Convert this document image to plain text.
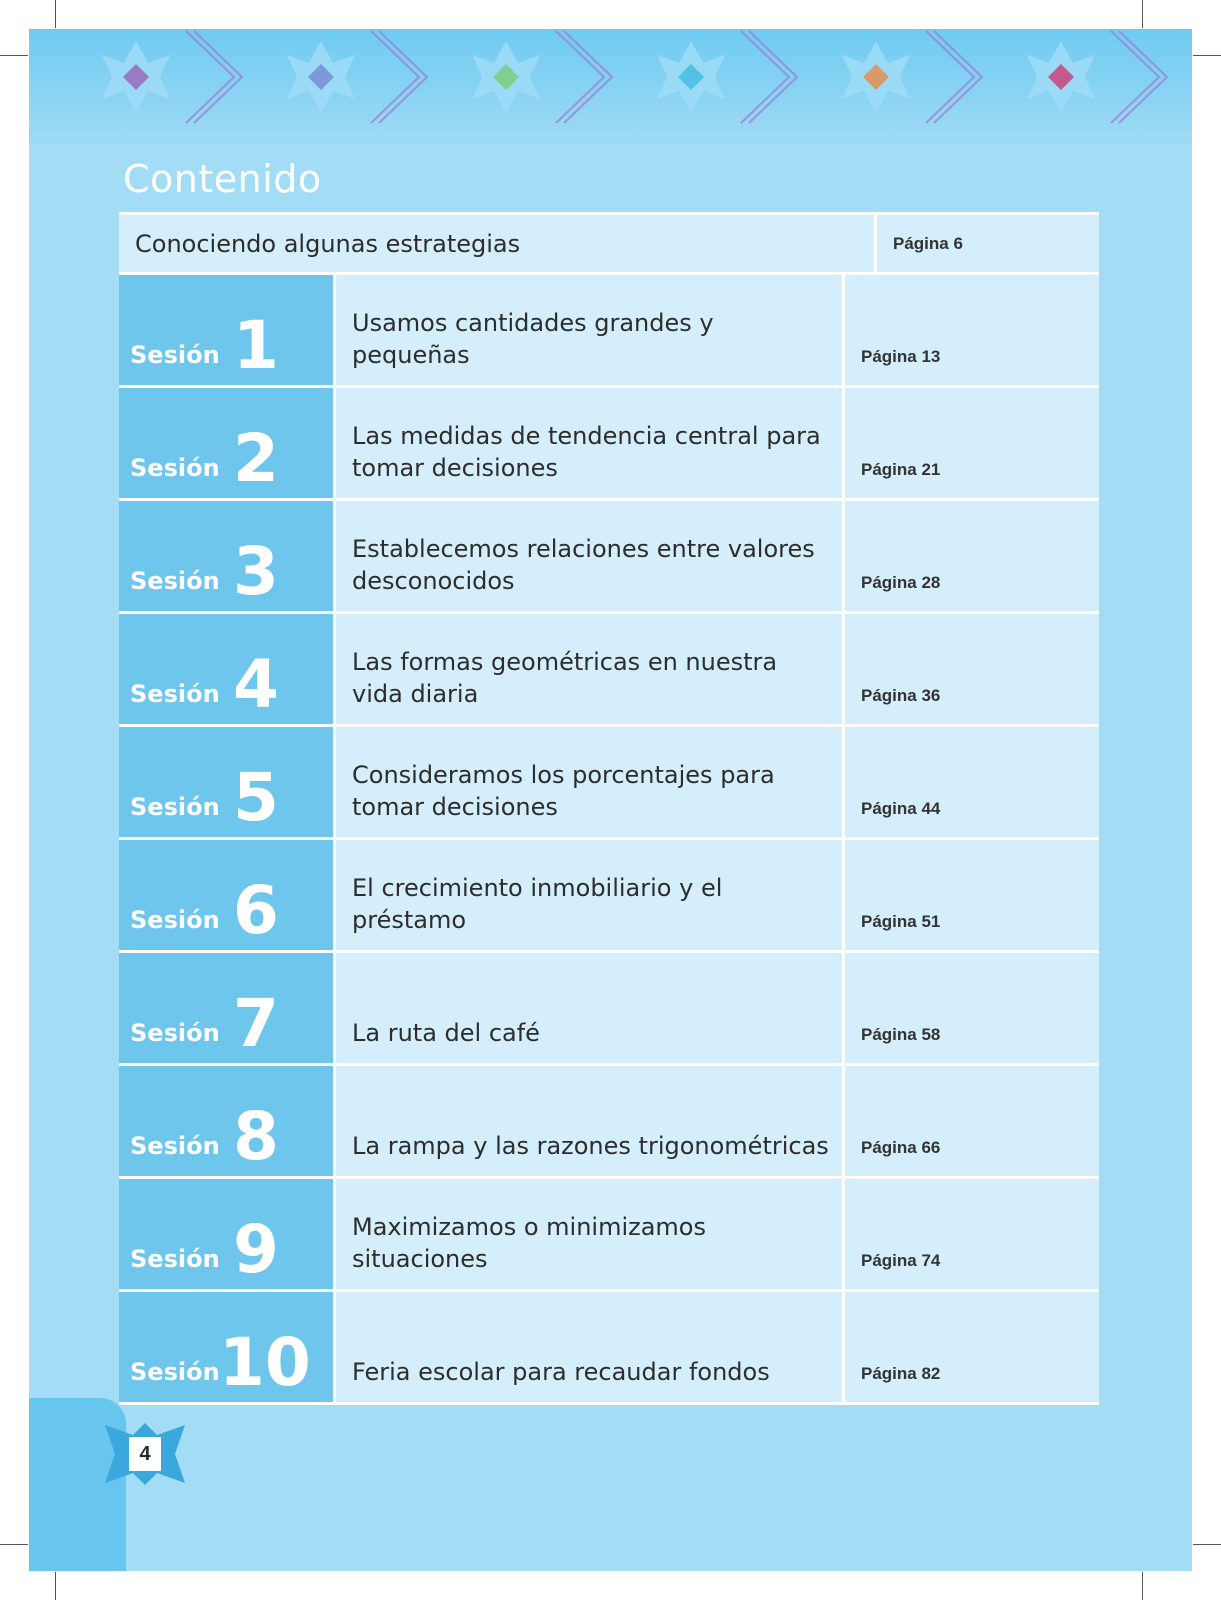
Contenido
Conociendo algunas estrategias	Página 6
Sesión 1	Usamos cantidades grandes y pequeñas	Página 13
Sesión 2	Las medidas de tendencia central para tomar decisiones	Página 21
Sesión 3	Establecemos relaciones entre valores desconocidos	Página 28
Sesión 4	Las formas geométricas en nuestra vida diaria	Página 36
Sesión 5	Consideramos los porcentajes para tomar decisiones	Página 44
Sesión 6	El crecimiento inmobiliario y el préstamo	Página 51
Sesión 7	La ruta del café	Página 58
Sesión 8	La rampa y las razones trigonométricas	Página 66
Sesión 9	Maximizamos o minimizamos situaciones	Página 74
Sesión 10	Feria escolar para recaudar fondos	Página 82
4
